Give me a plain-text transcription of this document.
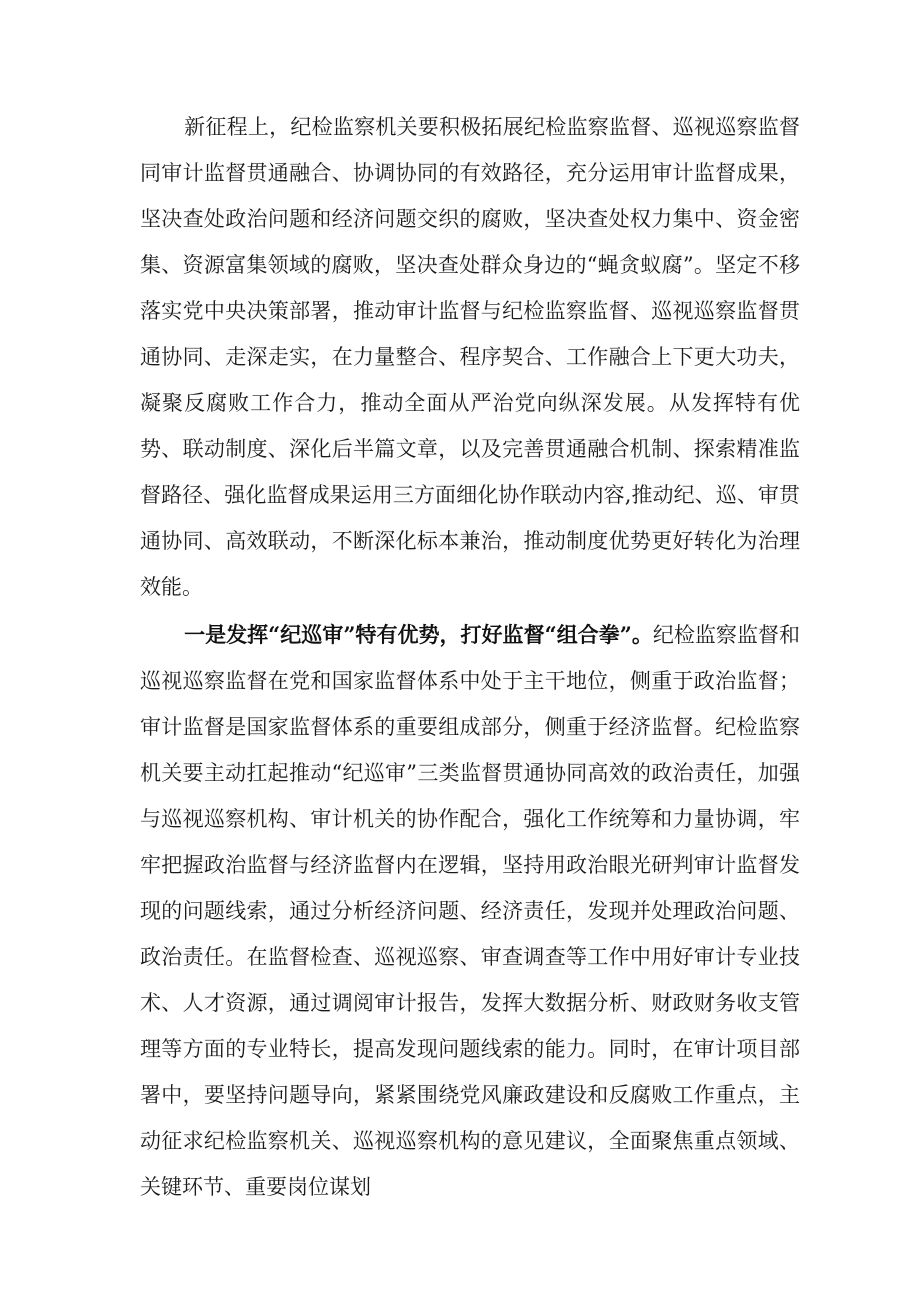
新征程上，纪检监察机关要积极拓展纪检监察监督、巡视巡察监督同审计监督贯通融合、协调协同的有效路径，充分运用审计监督成果，坚决查处政治问题和经济问题交织的腐败，坚决查处权力集中、资金密集、资源富集领域的腐败，坚决查处群众身边的“蝇贪蚁腐”。坚定不移落实党中央决策部署，推动审计监督与纪检监察监督、巡视巡察监督贯通协同、走深走实，在力量整合、程序契合、工作融合上下更大功夫，凝聚反腐败工作合力，推动全面从严治党向纵深发展。从发挥特有优势、联动制度、深化后半篇文章，以及完善贯通融合机制、探索精准监督路径、强化监督成果运用三方面细化协作联动内容,推动纪、巡、审贯通协同、高效联动，不断深化标本兼治，推动制度优势更好转化为治理效能。

一是发挥“纪巡审”特有优势，打好监督“组合拳”。纪检监察监督和巡视巡察监督在党和国家监督体系中处于主干地位，侧重于政治监督；审计监督是国家监督体系的重要组成部分，侧重于经济监督。纪检监察机关要主动扛起推动“纪巡审”三类监督贯通协同高效的政治责任，加强与巡视巡察机构、审计机关的协作配合，强化工作统筹和力量协调，牢牢把握政治监督与经济监督内在逻辑，坚持用政治眼光研判审计监督发现的问题线索，通过分析经济问题、经济责任，发现并处理政治问题、政治责任。在监督检查、巡视巡察、审查调查等工作中用好审计专业技术、人才资源，通过调阅审计报告，发挥大数据分析、财政财务收支管理等方面的专业特长，提高发现问题线索的能力。同时，在审计项目部署中，要坚持问题导向，紧紧围绕党风廉政建设和反腐败工作重点，主动征求纪检监察机关、巡视巡察机构的意见建议，全面聚焦重点领域、关键环节、重要岗位谋划
